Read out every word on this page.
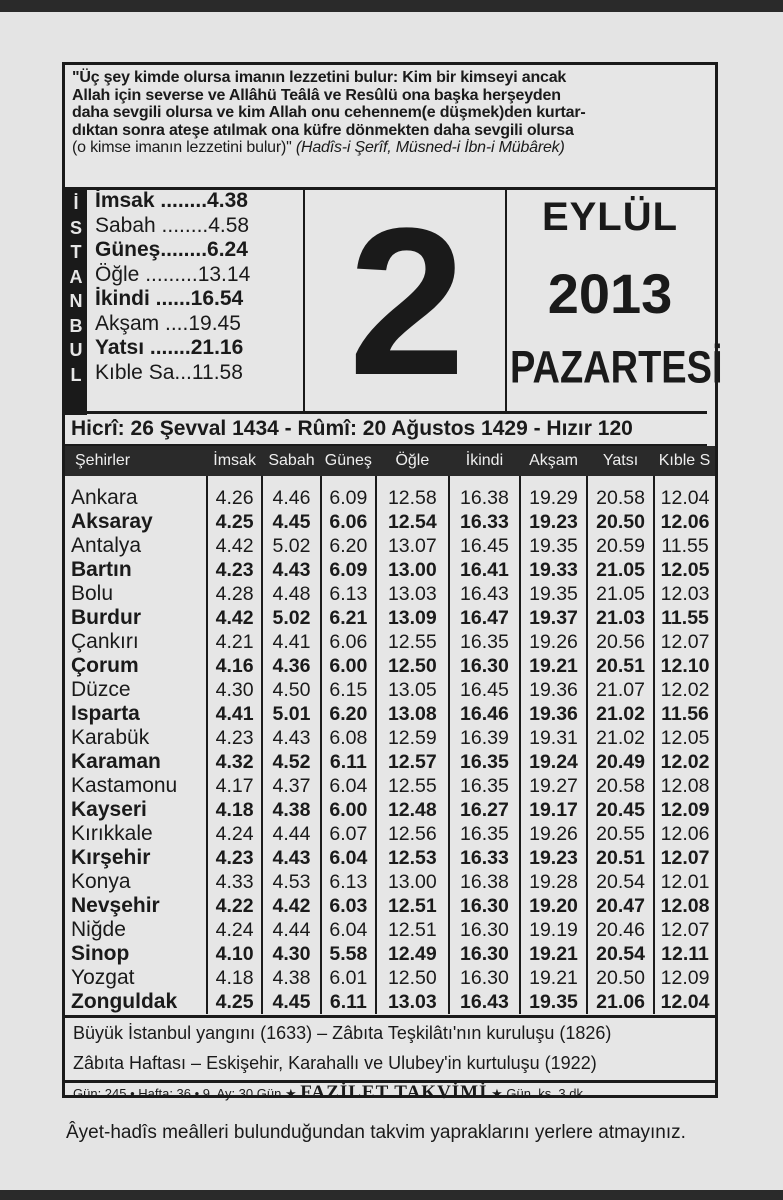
"Üç şey kimde olursa imanın lezzetini bulur: Kim bir kimseyi ancak
Allah için severse ve Allâhü Teâlâ ve Resûlü ona başka herşeyden
daha sevgili olursa ve kim Allah onu cehennem(e düşmek)den kurtar-
dıktan sonra ateşe atılmak ona küfre dönmekten daha sevgili olursa
(o kimse imanın lezzetini bulur)" (Hadîs-i Şerîf, Müsned-i İbn-i Mübârek)
İ
S
T
A
N
B
U
L
İmsak ........4.38
Sabah ........4.58
Güneş........6.24
Öğle .........13.14
İkindi ......16.54
Akşam ....19.45
Yatsı .......21.16
Kıble Sa...11.58 2	EYLÜL
2013
PAZARTESİ
Hicrî: 26 Şevval 1434 - Rûmî: 20 Ağustos 1429 - Hızır 120
Şehirler	İmsak	Sabah	Güneş	Öğle	İkindi	Akşam	Yatsı	Kıble S
Ankara	4.26	4.46	6.09	12.58	16.38	19.29	20.58	12.04
Aksaray	4.25	4.45	6.06	12.54	16.33	19.23	20.50	12.06
Antalya	4.42	5.02	6.20	13.07	16.45	19.35	20.59	11.55
Bartın	4.23	4.43	6.09	13.00	16.41	19.33	21.05	12.05
Bolu	4.28	4.48	6.13	13.03	16.43	19.35	21.05	12.03
Burdur	4.42	5.02	6.21	13.09	16.47	19.37	21.03	11.55
Çankırı	4.21	4.41	6.06	12.55	16.35	19.26	20.56	12.07
Çorum	4.16	4.36	6.00	12.50	16.30	19.21	20.51	12.10
Düzce	4.30	4.50	6.15	13.05	16.45	19.36	21.07	12.02
Isparta	4.41	5.01	6.20	13.08	16.46	19.36	21.02	11.56
Karabük	4.23	4.43	6.08	12.59	16.39	19.31	21.02	12.05
Karaman	4.32	4.52	6.11	12.57	16.35	19.24	20.49	12.02
Kastamonu	4.17	4.37	6.04	12.55	16.35	19.27	20.58	12.08
Kayseri	4.18	4.38	6.00	12.48	16.27	19.17	20.45	12.09
Kırıkkale	4.24	4.44	6.07	12.56	16.35	19.26	20.55	12.06
Kırşehir	4.23	4.43	6.04	12.53	16.33	19.23	20.51	12.07
Konya	4.33	4.53	6.13	13.00	16.38	19.28	20.54	12.01
Nevşehir	4.22	4.42	6.03	12.51	16.30	19.20	20.47	12.08
Niğde	4.24	4.44	6.04	12.51	16.30	19.19	20.46	12.07
Sinop	4.10	4.30	5.58	12.49	16.30	19.21	20.54	12.11
Yozgat	4.18	4.38	6.01	12.50	16.30	19.21	20.50	12.09
Zonguldak	4.25	4.45	6.11	13.03	16.43	19.35	21.06	12.04
Büyük İstanbul yangını (1633) – Zâbıta Teşkilâtı'nın kuruluşu (1826)
Zâbıta Haftası – Eskişehir, Karahallı ve Ulubey'in kurtuluşu (1922)
Gün: 245 • Hafta: 36 • 9. Ay: 30 Gün ★ FAZİLET TAKVİMİ ★ Gün. ks. 3 dk.
Âyet-hadîs meâlleri bulunduğundan takvim yapraklarını yerlere atmayınız.
